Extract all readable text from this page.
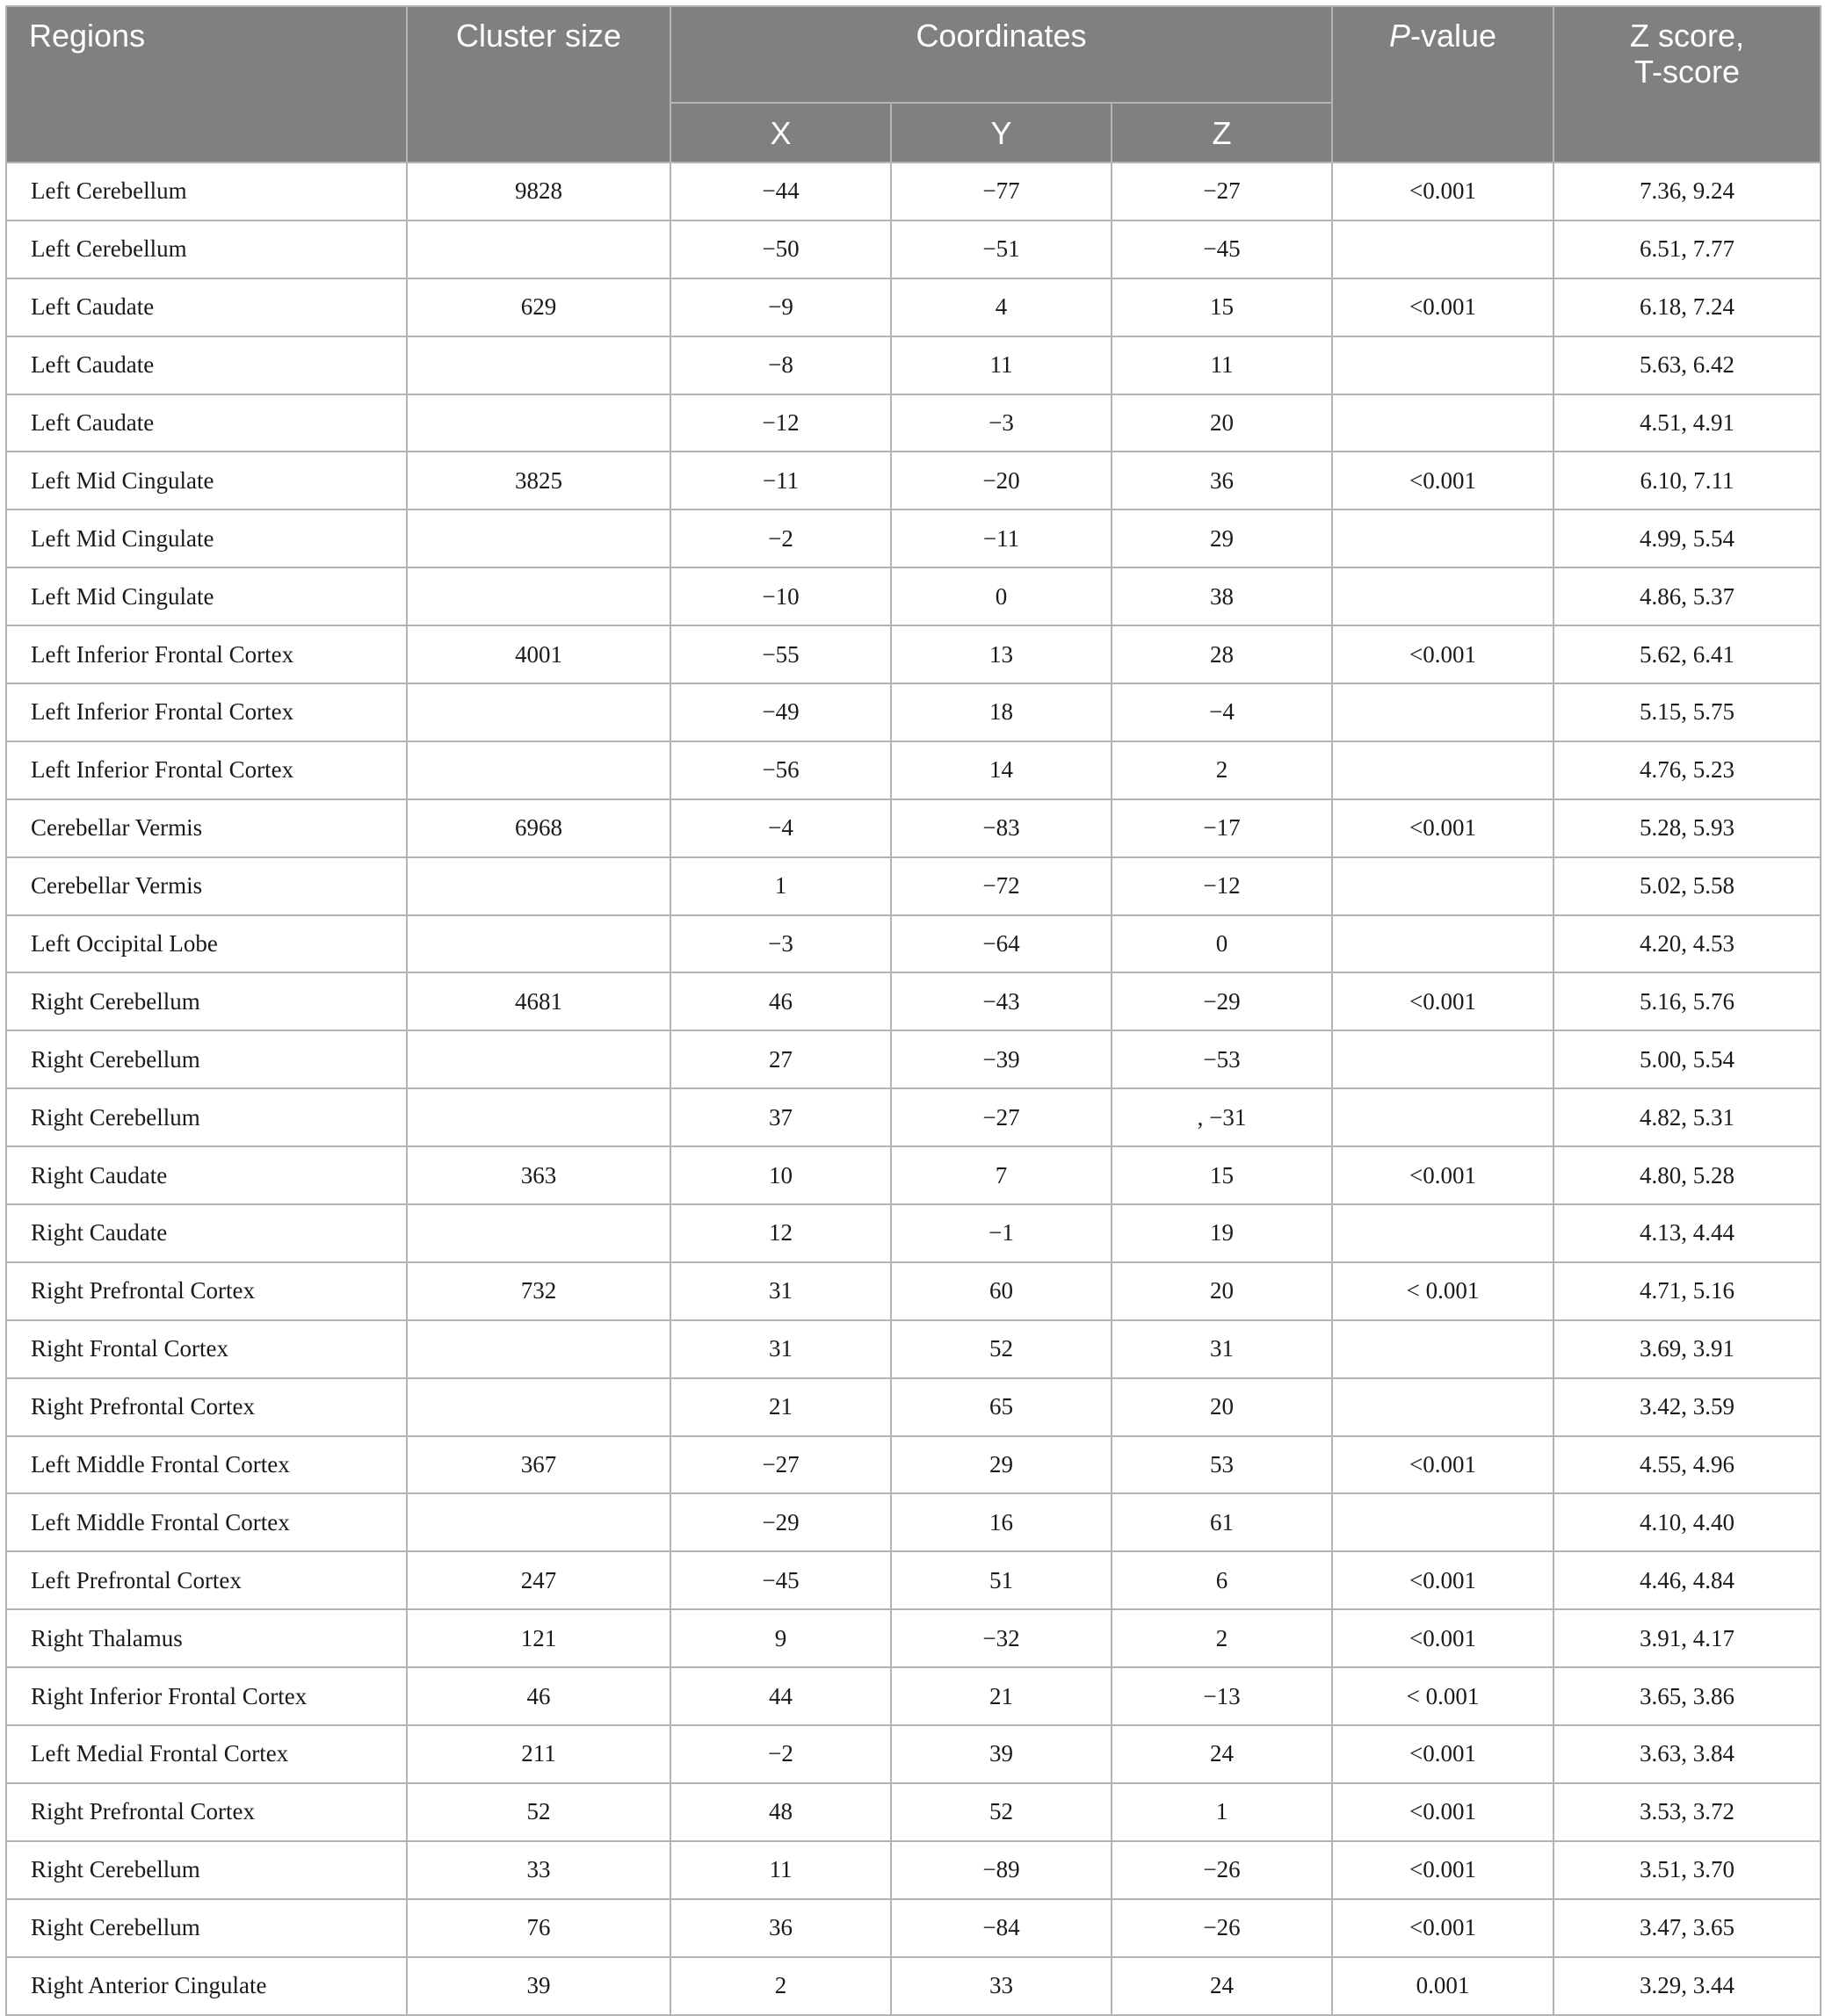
Regions	Cluster size	Coordinates			P-value	Z score,
T-score
		X	Y	Z		
Left Cerebellum	9828	−44	−77	−27	<0.001	7.36, 9.24
Left Cerebellum		−50	−51	−45		6.51, 7.77
Left Caudate	629	−9	4	15	<0.001	6.18, 7.24
Left Caudate		−8	11	11		5.63, 6.42
Left Caudate		−12	−3	20		4.51, 4.91
Left Mid Cingulate	3825	−11	−20	36	<0.001	6.10, 7.11
Left Mid Cingulate		−2	−11	29		4.99, 5.54
Left Mid Cingulate		−10	0	38		4.86, 5.37
Left Inferior Frontal Cortex	4001	−55	13	28	<0.001	5.62, 6.41
Left Inferior Frontal Cortex		−49	18	−4		5.15, 5.75
Left Inferior Frontal Cortex		−56	14	2		4.76, 5.23
Cerebellar Vermis	6968	−4	−83	−17	<0.001	5.28, 5.93
Cerebellar Vermis		1	−72	−12		5.02, 5.58
Left Occipital Lobe		−3	−64	0		4.20, 4.53
Right Cerebellum	4681	46	−43	−29	<0.001	5.16, 5.76
Right Cerebellum		27	−39	−53		5.00, 5.54
Right Cerebellum		37	−27	, −31		4.82, 5.31
Right Caudate	363	10	7	15	<0.001	4.80, 5.28
Right Caudate		12	−1	19		4.13, 4.44
Right Prefrontal Cortex	732	31	60	20	< 0.001	4.71, 5.16
Right Frontal Cortex		31	52	31		3.69, 3.91
Right Prefrontal Cortex		21	65	20		3.42, 3.59
Left Middle Frontal Cortex	367	−27	29	53	<0.001	4.55, 4.96
Left Middle Frontal Cortex		−29	16	61		4.10, 4.40
Left Prefrontal Cortex	247	−45	51	6	<0.001	4.46, 4.84
Right Thalamus	121	9	−32	2	<0.001	3.91, 4.17
Right Inferior Frontal Cortex	46	44	21	−13	< 0.001	3.65, 3.86
Left Medial Frontal Cortex	211	−2	39	24	<0.001	3.63, 3.84
Right Prefrontal Cortex	52	48	52	1	<0.001	3.53, 3.72
Right Cerebellum	33	11	−89	−26	<0.001	3.51, 3.70
Right Cerebellum	76	36	−84	−26	<0.001	3.47, 3.65
Right Anterior Cingulate	39	2	33	24	0.001	3.29, 3.44
